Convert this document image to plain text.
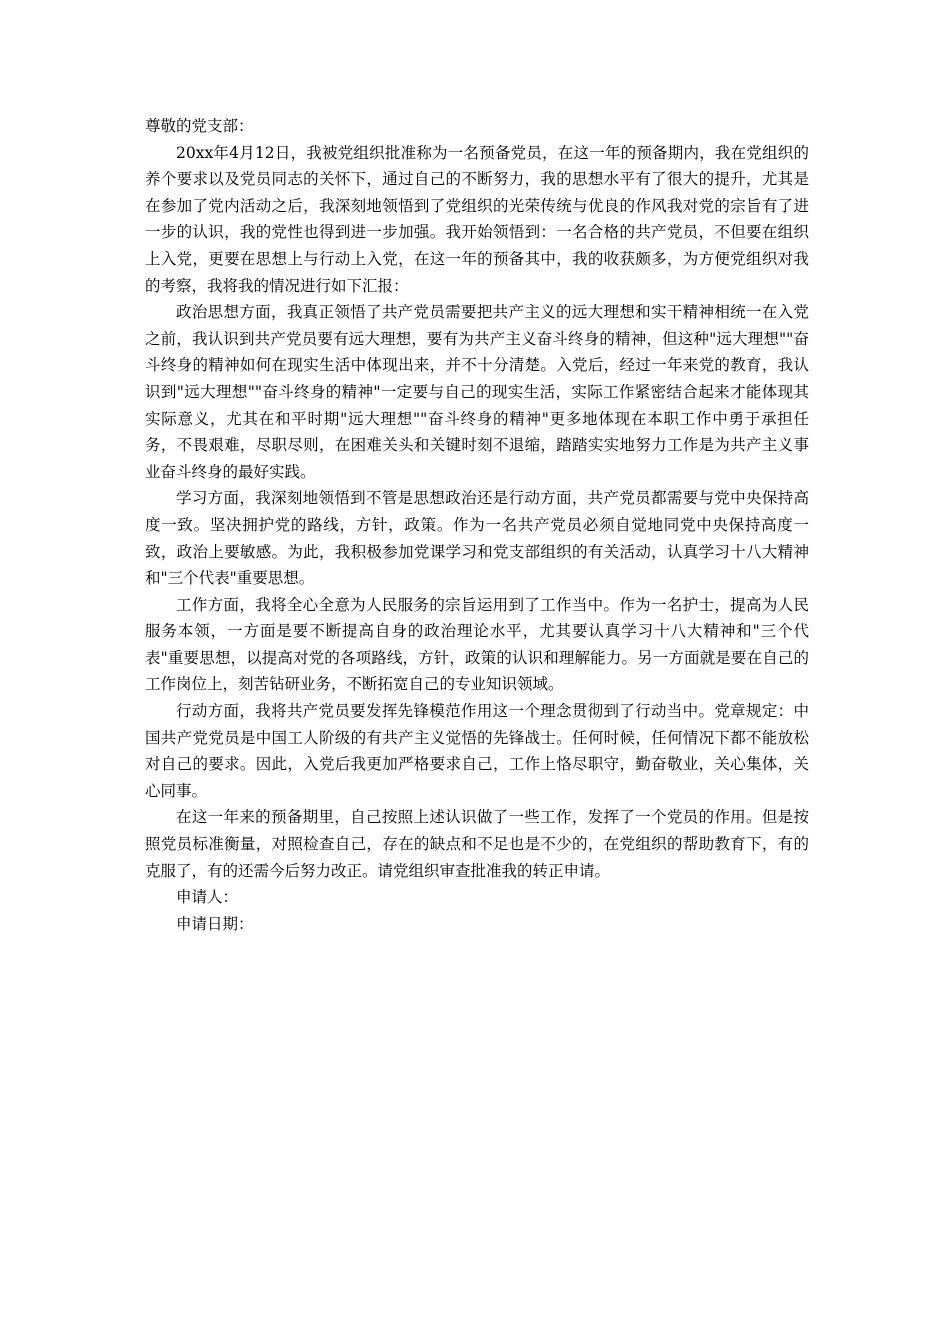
尊敬的党支部：

20xx年4月12日，我被党组织批准称为一名预备党员，在这一年的预备期内，我在党组织的养个要求以及党员同志的关怀下，通过自己的不断努力，我的思想水平有了很大的提升，尤其是在参加了党内活动之后，我深刻地领悟到了党组织的光荣传统与优良的作风我对党的宗旨有了进一步的认识，我的党性也得到进一步加强。我开始领悟到：一名合格的共产党员，不但要在组织上入党，更要在思想上与行动上入党，在这一年的预备其中，我的收获颇多，为方便党组织对我的考察，我将我的情况进行如下汇报：

政治思想方面，我真正领悟了共产党员需要把共产主义的远大理想和实干精神相统一在入党之前，我认识到共产党员要有远大理想，要有为共产主义奋斗终身的精神，但这种"远大理想""奋斗终身的精神如何在现实生活中体现出来，并不十分清楚。入党后，经过一年来党的教育，我认识到"远大理想""奋斗终身的精神"一定要与自己的现实生活，实际工作紧密结合起来才能体现其实际意义，尤其在和平时期"远大理想""奋斗终身的精神"更多地体现在本职工作中勇于承担任务，不畏艰难，尽职尽则，在困难关头和关键时刻不退缩，踏踏实实地努力工作是为共产主义事业奋斗终身的最好实践。

学习方面，我深刻地领悟到不管是思想政治还是行动方面，共产党员都需要与党中央保持高度一致。坚决拥护党的路线，方针，政策。作为一名共产党员必须自觉地同党中央保持高度一致，政治上要敏感。为此，我积极参加党课学习和党支部组织的有关活动，认真学习十八大精神和"三个代表"重要思想。

工作方面，我将全心全意为人民服务的宗旨运用到了工作当中。作为一名护士，提高为人民服务本领，一方面是要不断提高自身的政治理论水平，尤其要认真学习十八大精神和"三个代表"重要思想，以提高对党的各项路线，方针，政策的认识和理解能力。另一方面就是要在自己的工作岗位上，刻苦钻研业务，不断拓宽自己的专业知识领域。

行动方面，我将共产党员要发挥先锋模范作用这一个理念贯彻到了行动当中。党章规定：中国共产党党员是中国工人阶级的有共产主义觉悟的先锋战士。任何时候，任何情况下都不能放松对自己的要求。因此，入党后我更加严格要求自己，工作上恪尽职守，勤奋敬业，关心集体，关心同事。

在这一年来的预备期里，自己按照上述认识做了一些工作，发挥了一个党员的作用。但是按照党员标准衡量，对照检查自己，存在的缺点和不足也是不少的，在党组织的帮助教育下，有的克服了，有的还需今后努力改正。请党组织审查批准我的转正申请。

申请人：

申请日期：
